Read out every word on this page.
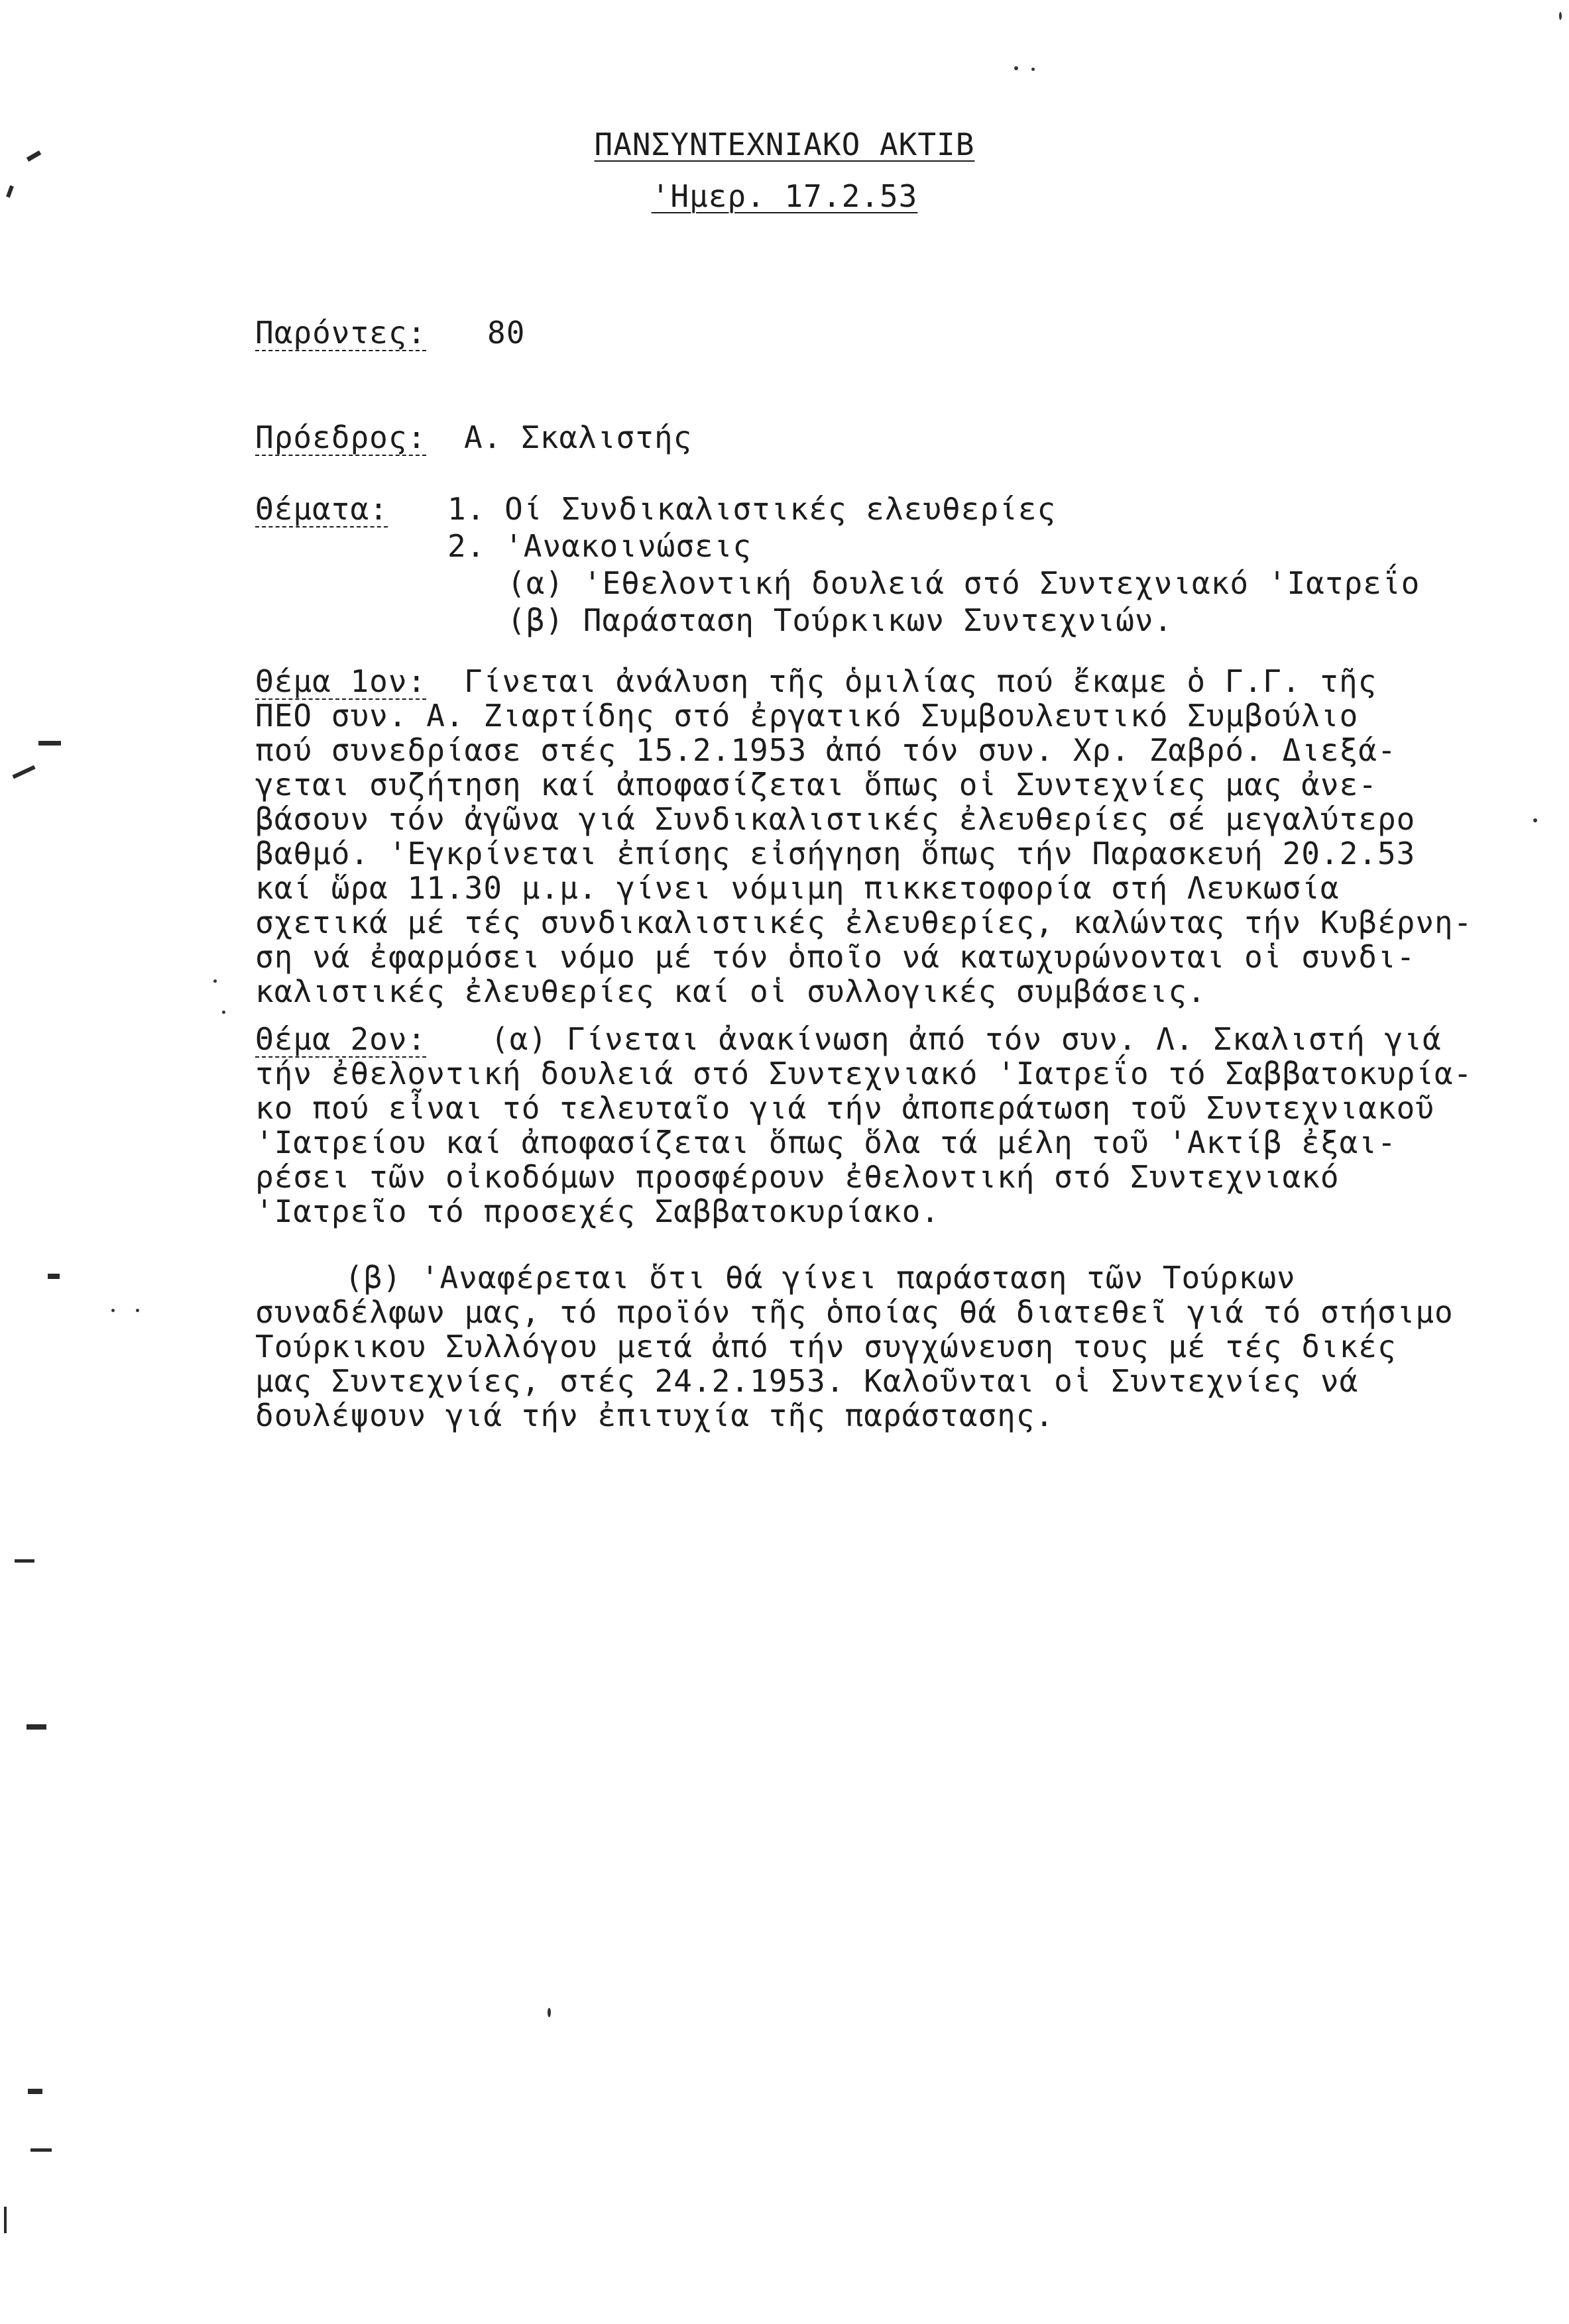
ΠΑΝΣΥΝΤΕΧΝΙΑΚΟ ΑΚΤΙΒ
'Ημερ. 17.2.53
Παρόντες: 80
Πρόεδρος: Α. Σκαλιστής
Θέματα: 1. Οί Συνδικαλιστικές ελευθερίες
2. 'Ανακοινώσεις
(α) 'Εθελοντική δουλειά στό Συντεχνιακό 'Ιατρεΐο
(β) Παράσταση Τούρκικων Συντεχνιών.
Θέμα 1ον: Γίνεται ἀνάλυση τῆς ὁμιλίας πού ἔκαμε ὁ Γ.Γ. τῆς
ΠΕΟ συν. Α. Ζιαρτίδης στό ἐργατικό Συμβουλευτικό Συμβούλιο
πού συνεδρίασε στές 15.2.1953 ἀπό τόν συν. Χρ. Ζαβρό. Διεξά-
γεται συζήτηση καί ἀποφασίζεται ὅπως οἱ Συντεχνίες μας ἀνε-
βάσουν τόν ἀγῶνα γιά Συνδικαλιστικές ἐλευθερίες σέ μεγαλύτερο
βαθμό. 'Εγκρίνεται ἐπίσης εἰσήγηση ὅπως τήν Παρασκευή 20.2.53
καί ὥρα 11.30 μ.μ. γίνει νόμιμη πικκετοφορία στή Λευκωσία
σχετικά μέ τές συνδικαλιστικές ἐλευθερίες, καλώντας τήν Κυβέρνη-
ση νά ἐφαρμόσει νόμο μέ τόν ὁποῖο νά κατωχυρώνονται οἱ συνδι-
καλιστικές ἐλευθερίες καί οἱ συλλογικές συμβάσεις.
Θέμα 2ον: (α) Γίνεται ἀνακίνωση ἀπό τόν συν. Λ. Σκαλιστή γιά
τήν ἐθελοντική δουλειά στό Συντεχνιακό 'Ιατρεΐο τό Σαββατοκυρία-
κο πού εἶναι τό τελευταῖο γιά τήν ἀποπεράτωση τοῦ Συντεχνιακοῦ
'Ιατρείου καί ἀποφασίζεται ὅπως ὅλα τά μέλη τοῦ 'Ακτίβ ἐξαι-
ρέσει τῶν οἰκοδόμων προσφέρουν ἐθελοντική στό Συντεχνιακό
'Ιατρεῖο τό προσεχές Σαββατοκυρίακο.
(β) 'Αναφέρεται ὅτι θά γίνει παράσταση τῶν Τούρκων
συναδέλφων μας, τό προϊόν τῆς ὁποίας θά διατεθεῖ γιά τό στήσιμο
Τούρκικου Συλλόγου μετά ἀπό τήν συγχώνευση τους μέ τές δικές
μας Συντεχνίες, στές 24.2.1953. Καλοῦνται οἱ Συντεχνίες νά
δουλέψουν γιά τήν ἐπιτυχία τῆς παράστασης.
